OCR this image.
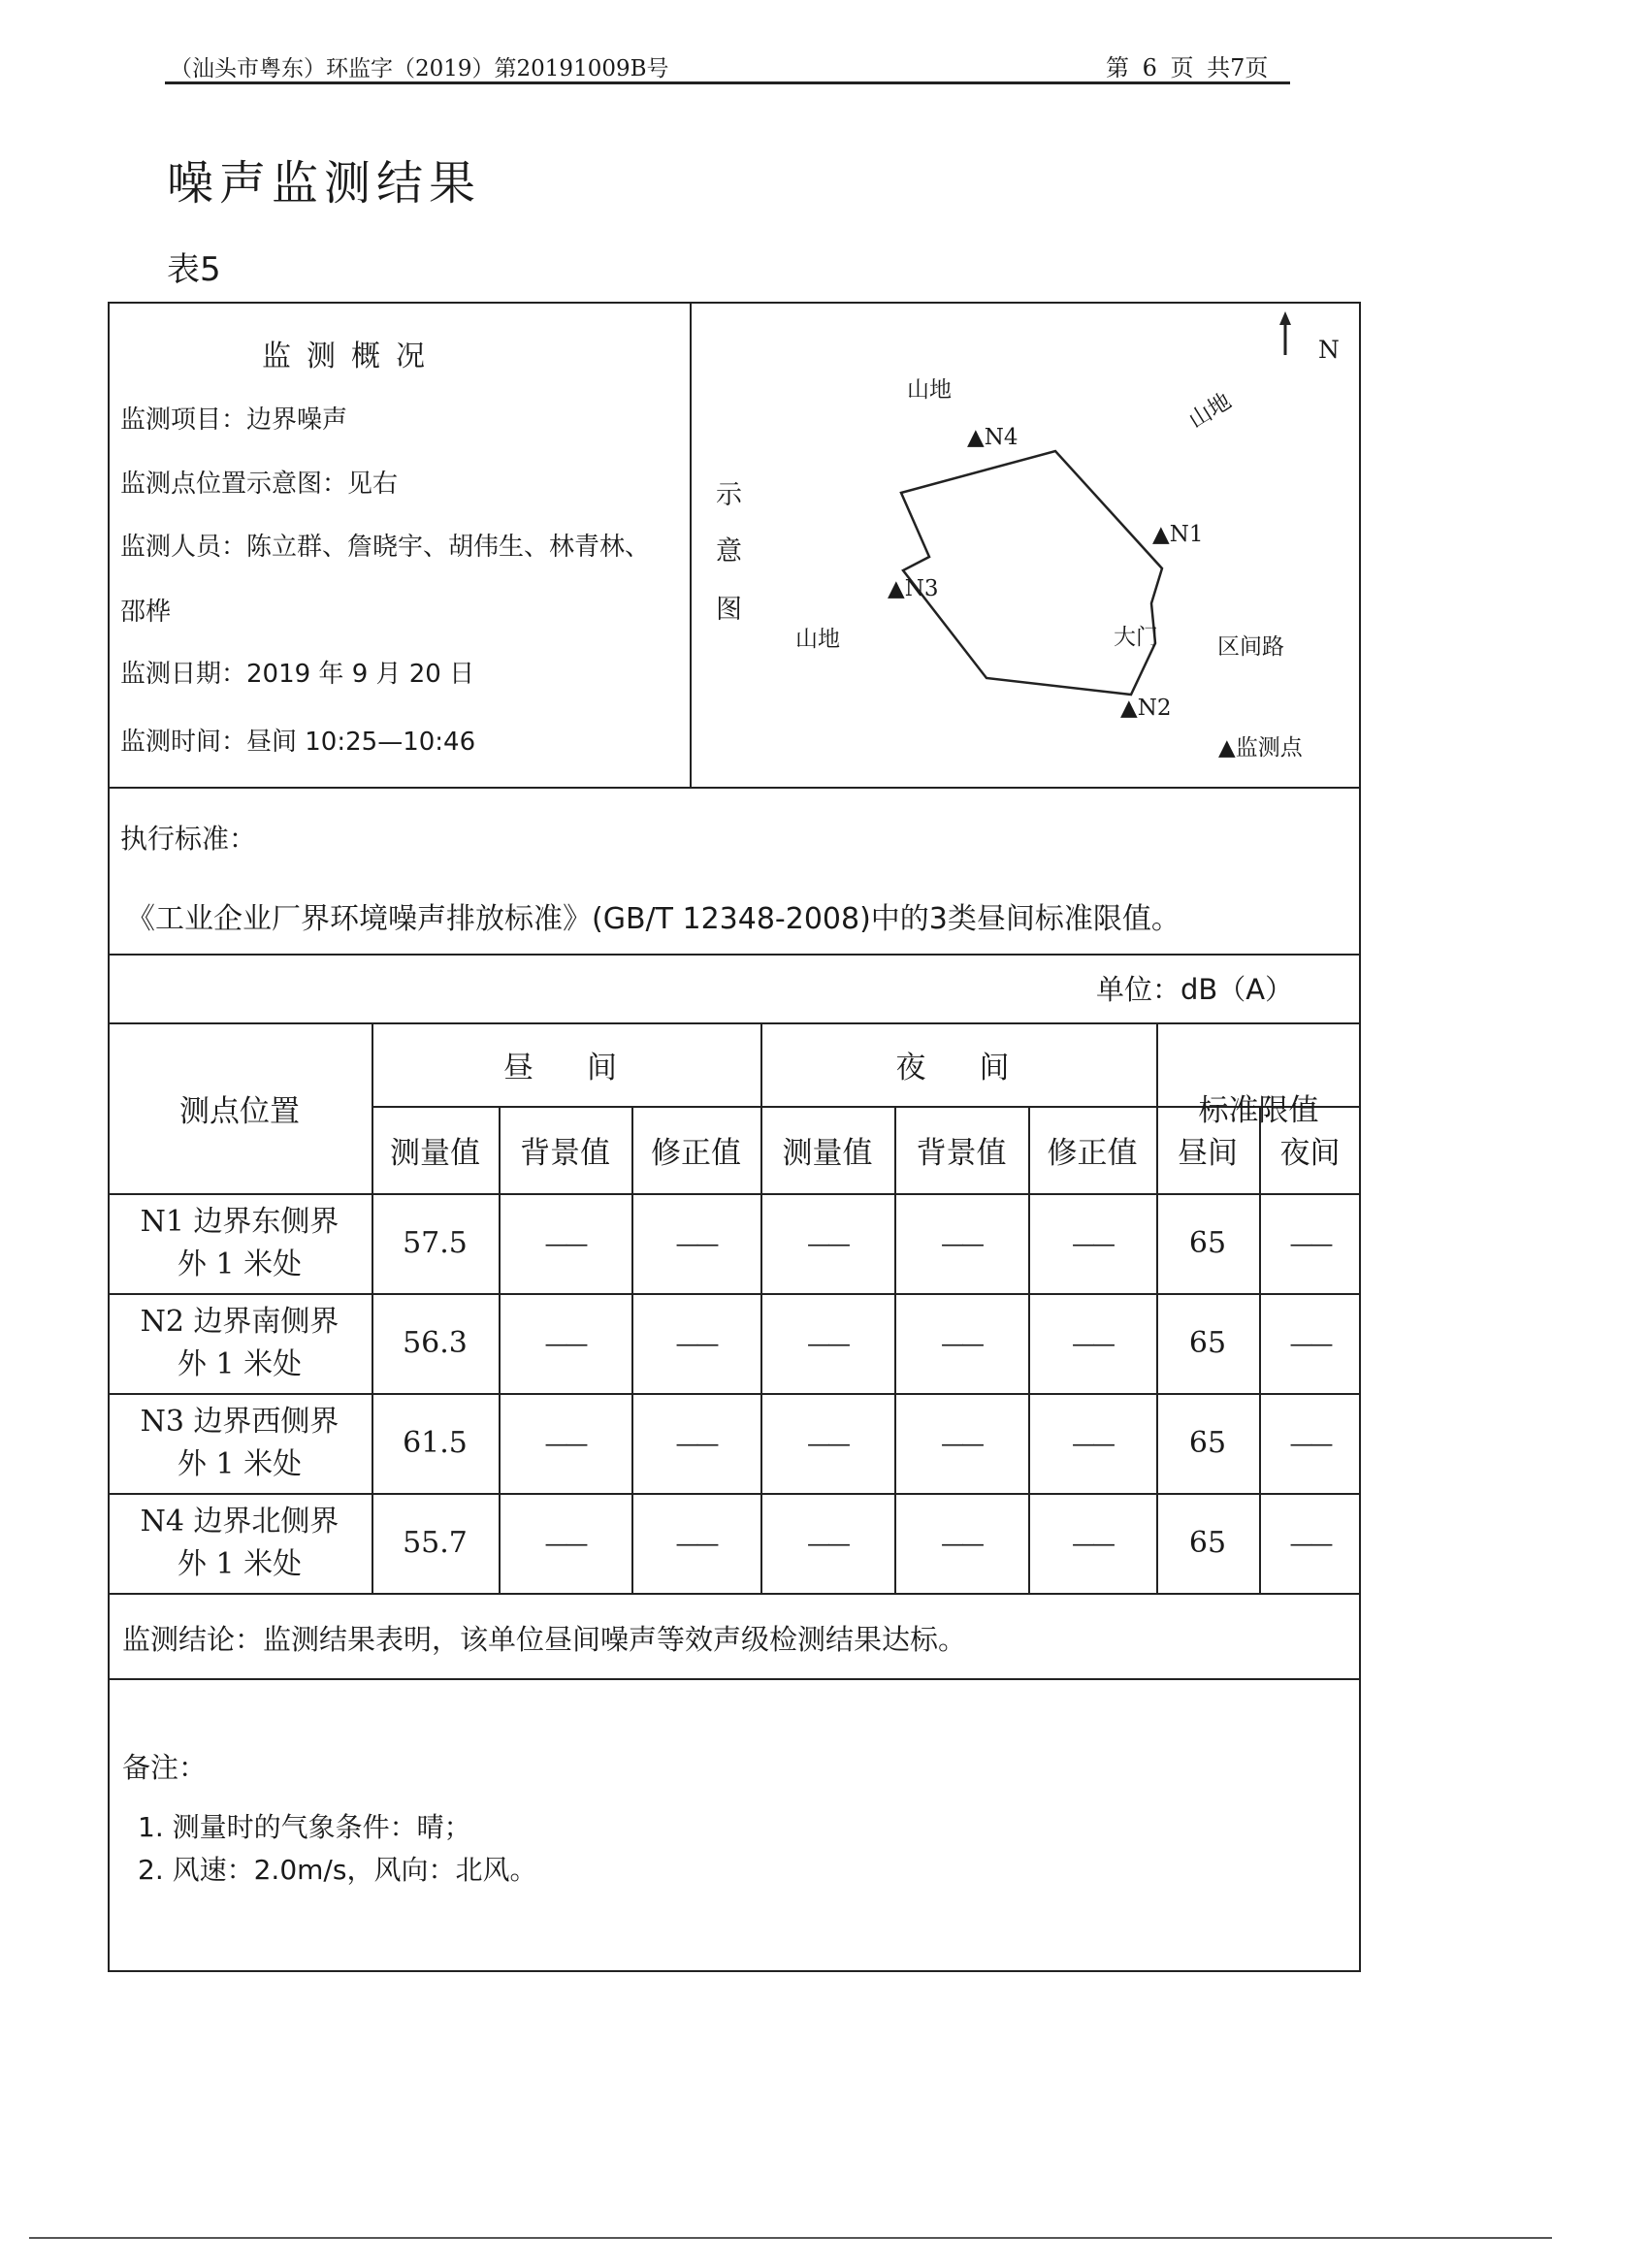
（汕头市粤东）环监字（2019）第20191009B号	第 6 页 共7页
噪声监测结果
表5
监测概况
监测项目：边界噪声
监测点位置示意图：见右
监测人员：陈立群、詹晓宇、胡伟生、林青林、
邵桦
监测日期：2019 年 9 月 20 日
监测时间：昼间 10:25—10:46
示
意
图
N
山地	山地
山地	大门	区间路
▲N1
▲N2
▲N3
▲N4
▲监测点
执行标准：
《工业企业厂界环境噪声排放标准》(GB/T 12348-2008)中的3类昼间标准限值。
单位：dB（A）
测点位置
昼　间	夜　间
标准限值
测量值	背景值	修正值	测量值	背景值	修正值	昼间	夜间
N1 边界东侧界
外 1 米处
57.5	——	——	——	——	——	65	——
N2 边界南侧界
外 1 米处
56.3	——	——	——	——	——	65	——
N3 边界西侧界
外 1 米处
61.5	——	——	——	——	——	65	——
N4 边界北侧界
外 1 米处
55.7	——	——	——	——	——	65	——
监测结论：监测结果表明，该单位昼间噪声等效声级检测结果达标。
备注：
1. 测量时的气象条件：晴；
2. 风速：2.0m/s，风向：北风。
